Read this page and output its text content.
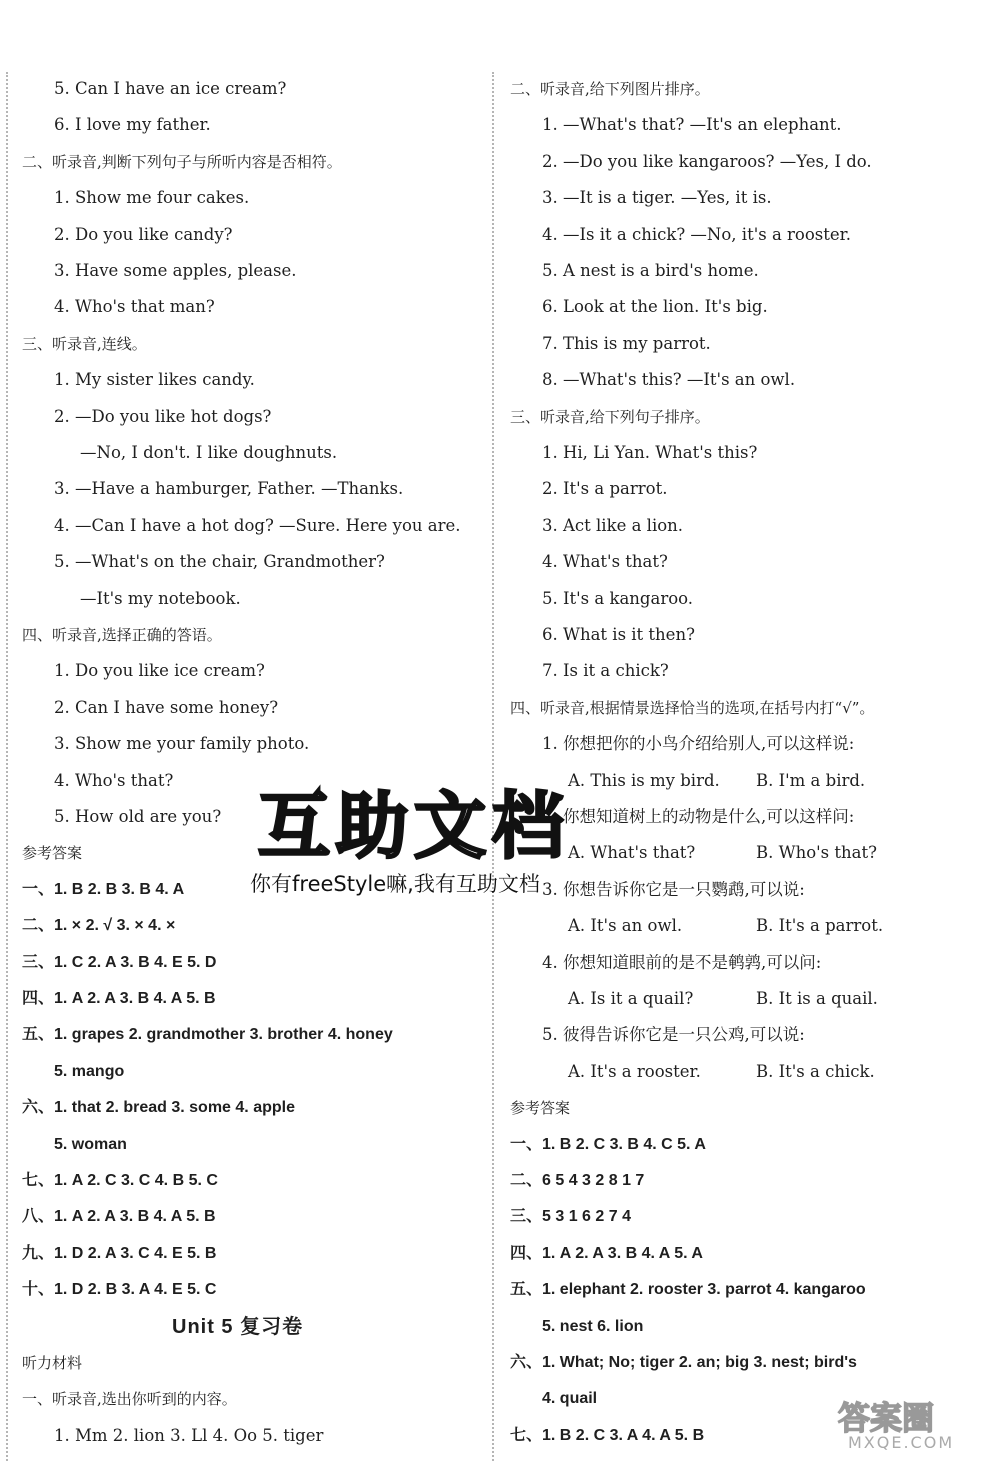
5. Can I have an ice cream?
6. I love my father.
二、听录音,判断下列句子与所听内容是否相符。
1. Show me four cakes.
2. Do you like candy?
3. Have some apples, please.
4. Who's that man?
三、听录音,连线。
1. My sister likes candy.
2. —Do you like hot dogs?
—No, I don't. I like doughnuts.
3. —Have a hamburger, Father. —Thanks.
4. —Can I have a hot dog? —Sure. Here you are.
5. —What's on the chair, Grandmother?
—It's my notebook.
四、听录音,选择正确的答语。
1. Do you like ice cream?
2. Can I have some honey?
3. Show me your family photo.
4. Who's that?
5. How old are you?
参考答案
一、1. B 2. B 3. B 4. A
二、1. × 2. √ 3. × 4. ×
三、1. C 2. A 3. B 4. E 5. D
四、1. A 2. A 3. B 4. A 5. B
五、1. grapes 2. grandmother 3. brother 4. honey
5. mango
六、1. that 2. bread 3. some 4. apple
5. woman
七、1. A 2. C 3. C 4. B 5. C
八、1. A 2. A 3. B 4. A 5. B
九、1. D 2. A 3. C 4. E 5. B
十、1. D 2. B 3. A 4. E 5. C
Unit 5 复习卷
听力材料
一、听录音,选出你听到的内容。
1. Mm 2. lion 3. Ll 4. Oo 5. tiger
二、听录音,给下列图片排序。
1. —What's that? —It's an elephant.
2. —Do you like kangaroos? —Yes, I do.
3. —It is a tiger. —Yes, it is.
4. —Is it a chick? —No, it's a rooster.
5. A nest is a bird's home.
6. Look at the lion. It's big.
7. This is my parrot.
8. —What's this? —It's an owl.
三、听录音,给下列句子排序。
1. Hi, Li Yan. What's this?
2. It's a parrot.
3. Act like a lion.
4. What's that?
5. It's a kangaroo.
6. What is it then?
7. Is it a chick?
四、听录音,根据情景选择恰当的选项,在括号内打“√”。
1. 你想把你的小鸟介绍给别人,可以这样说:
A. This is my bird. B. I'm a bird.
2. 你想知道树上的动物是什么,可以这样问:
A. What's that?	B. Who's that?
3. 你想告诉你它是一只鹦鹉,可以说:
A. It's an owl.	B. It's a parrot.
4. 你想知道眼前的是不是鹌鹑,可以问:
A. Is it a quail?	B. It is a quail.
5. 彼得告诉你它是一只公鸡,可以说:
A. It's a rooster.	B. It's a chick.
参考答案
一、1. B 2. C 3. B 4. C 5. A
二、6 5 4 3 2 8 1 7
三、5 3 1 6 2 7 4
四、1. A 2. A 3. B 4. A 5. A
五、1. elephant 2. rooster 3. parrot 4. kangaroo
5. nest 6. lion
六、1. What; No; tiger 2. an; big 3. nest; bird's
4. quail
七、1. B 2. C 3. A 4. A 5. B
互助文档
你有freeStyle嘛,我有互助文档
答案圈
MXQE.COM
